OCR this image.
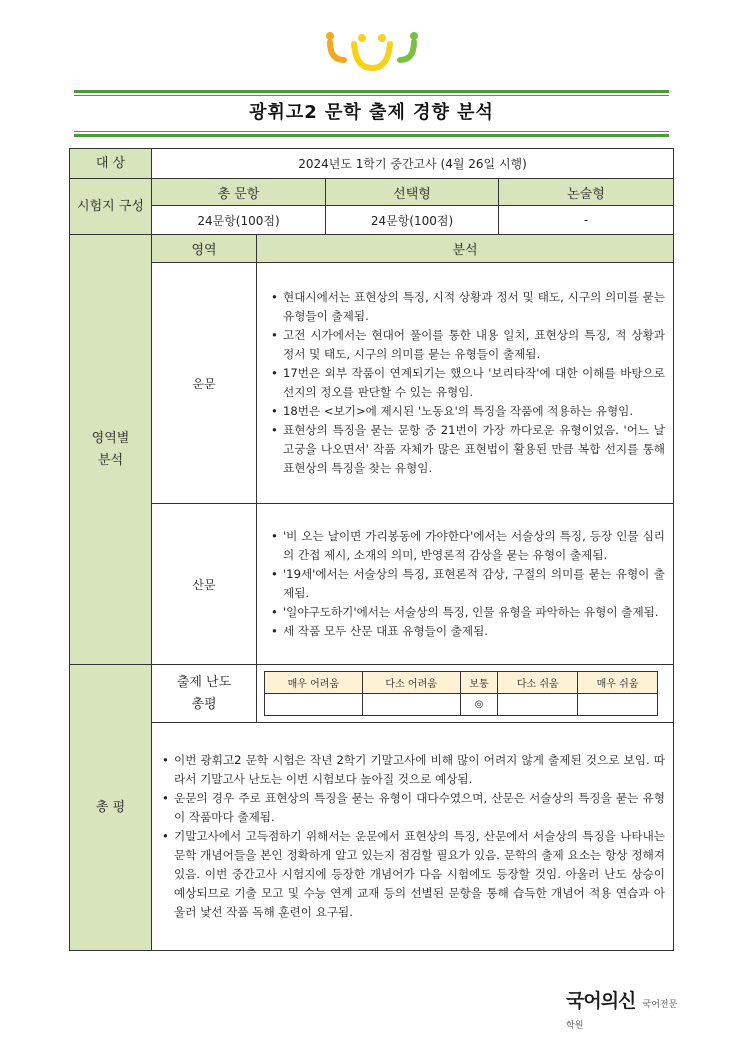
광휘고2 문학 출제 경향 분석
대 상	2024년도 1학기 중간고사 (4월 26일 시행)

시험지 구성
	총 문항	선택형	논술형
24문항(100점)	24문항(100점)	-

영역별 분석
	영역	분석
운문	
• 현대시에서는 표현상의 특징, 시적 상황과 정서 및 태도, 시구의 의미를 묻는 유형들이 출제됨.
• 고전 시가에서는 현대어 풀이를 통한 내용 일치, 표현상의 특징, 적 상황과 정서 및 태도, 시구의 의미를 묻는 유형들이 출제됨.
• 17번은 외부 작품이 연계되기는 했으나 '보리타작'에 대한 이해를 바탕으로 선지의 정오를 판단할 수 있는 유형임.
• 18번은 <보기>에 제시된 '노동요'의 특징을 작품에 적용하는 유형임.
• 표현상의 특징을 묻는 문항 중 21번이 가장 까다로운 유형이었음. '어느 날 고궁을 나오면서' 작품 자체가 많은 표현법이 활용된 만큼 복합 선지를 통해 표현상의 특징을 찾는 유형임.

산문	
• '비 오는 날이면 가리봉동에 가야한다'에서는 서술상의 특징, 등장 인물 심리의 간접 제시, 소재의 의미, 반영론적 감상을 묻는 유형이 출제됨.
• '19세'에서는 서술상의 특징, 표현론적 감상, 구절의 의미를 묻는 유형이 출제됨.
• '일야구도하기'에서는 서술상의 특징, 인물 유형을 파악하는 유형이 출제됨.
• 세 작품 모두 산문 대표 유형들이 출제됨.

총 평	
출제 난도 총평

매우 어려움	다소 어려움	보통	다소 쉬움	매우 쉬움
		◎		

• 이번 광휘고2 문학 시험은 작년 2학기 기말고사에 비해 많이 어려지 않게 출제된 것으로 보임. 따라서 기말고사 난도는 이번 시험보다 높아질 것으로 예상됨.
• 운문의 경우 주로 표현상의 특징을 묻는 유형이 대다수였으며, 산문은 서술상의 특징을 묻는 유형이 작품마다 출제됨.
• 기말고사에서 고득점하기 위해서는 운문에서 표현상의 특징, 산문에서 서술상의 특징을 나타내는 문학 개념어들을 본인 정확하게 알고 있는지 점검할 필요가 있음. 문학의 출제 요소는 항상 정해져 있음. 이번 중간고사 시험지에 등장한 개념어가 다음 시험에도 등장할 것임. 아울러 난도 상승이 예상되므로 기출 모고 및 수능 연계 교재 등의 선별된 문항을 통해 습득한 개념어 적용 연습과 아울러 낯선 작품 독해 훈련이 요구됨.
국어의신 국어전문학원
